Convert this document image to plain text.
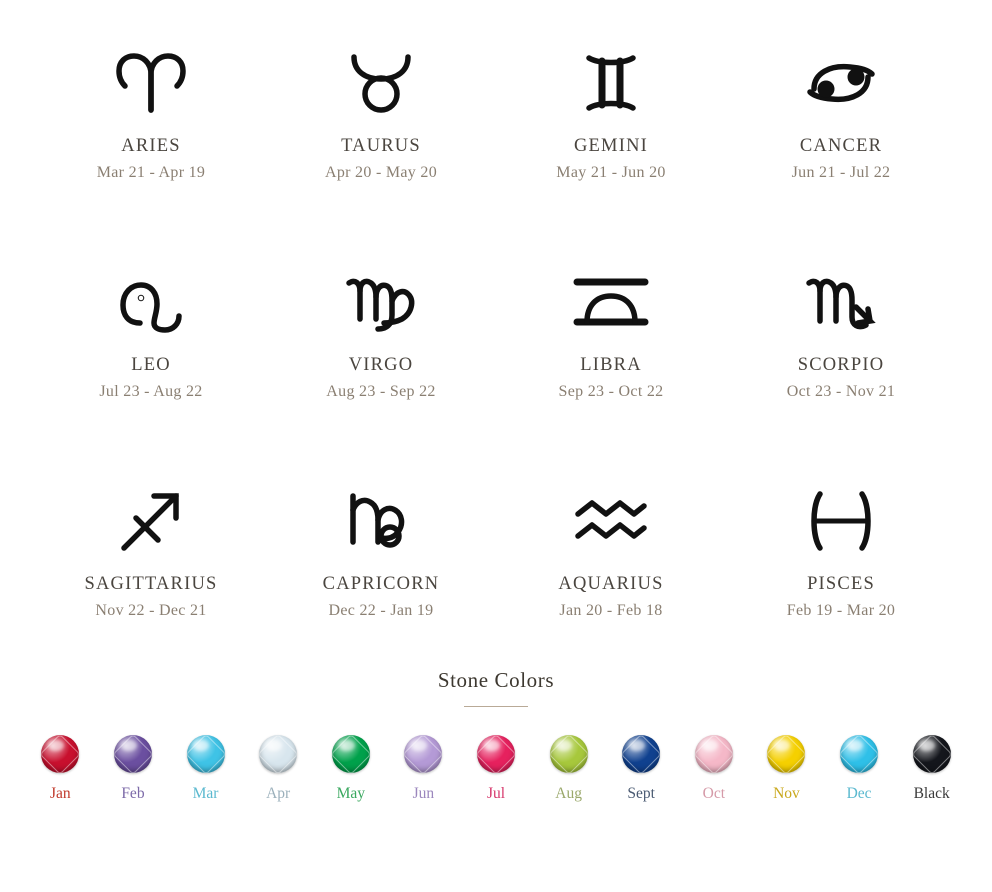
ARIES
Mar 21 - Apr 19
TAURUS
Apr 20 - May 20
GEMINI
May 21 - Jun 20
CANCER
Jun 21 - Jul 22
LEO
Jul 23 - Aug 22
VIRGO
Aug 23 - Sep 22
LIBRA
Sep 23 - Oct 22
SCORPIO
Oct 23 - Nov 21
SAGITTARIUS
Nov 22 - Dec 21
CAPRICORN
Dec 22 - Jan 19
AQUARIUS
Jan 20 - Feb 18
PISCES
Feb 19 - Mar 20
Stone Colors
Jan	Feb	Mar	Apr	May	Jun	Jul	Aug	Sept	Oct	Nov	Dec	Black
